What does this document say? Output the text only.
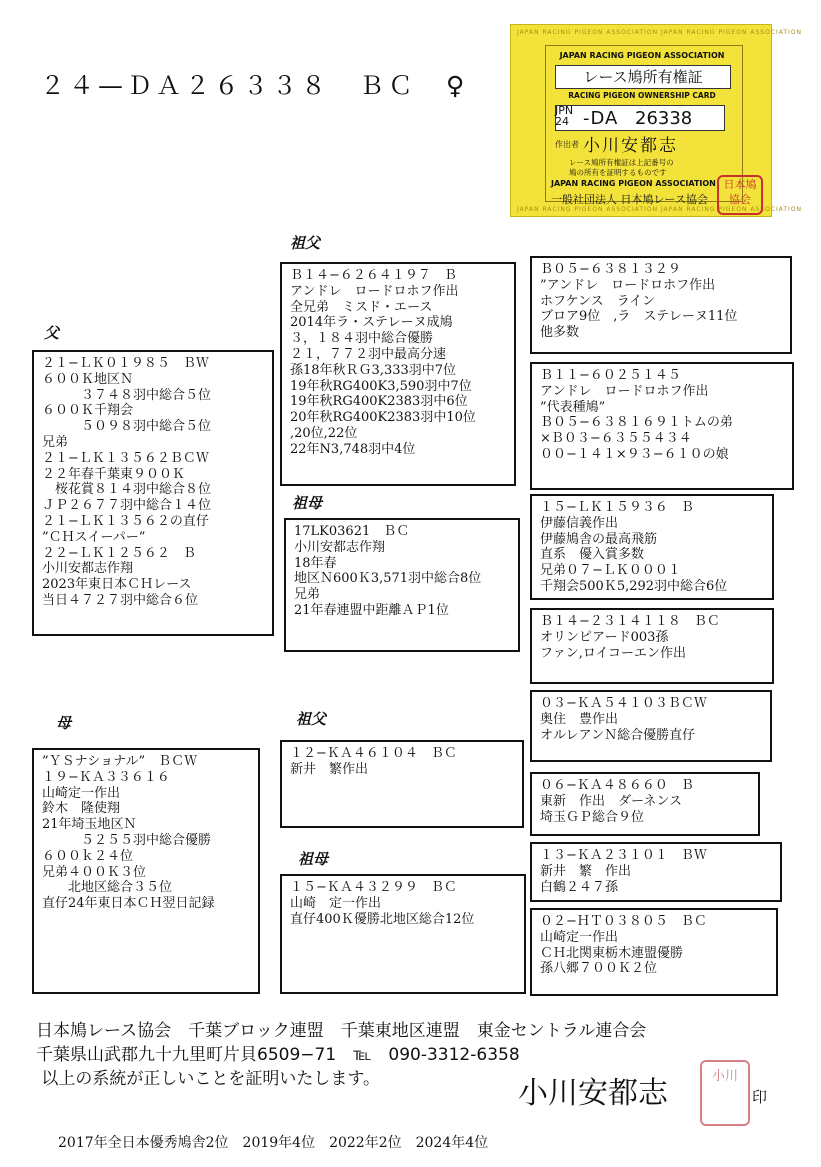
２４—ＤＡ２６３３８　ＢＣ　♀
JAPAN RACING PIGEON ASSOCIATION JAPAN RACING PIGEON ASSOCIATION
JAPAN RACING PIGEON ASSOCIATION JAPAN RACING PIGEON ASSOCIATION
JAPAN RACING PIGEON ASSOCIATION
レース鳩所有権証
RACING PIGEON OWNERSHIP CARD
JPN
24 -DA 26338
作出者 小川安都志
レース鳩所有権証は上記番号の
鳩の所有を証明するものです
JAPAN RACING PIGEON ASSOCIATION
一般社団法人 日本鳩レース協会
日本鳩協会
祖父
父
祖母
母	祖父
祖母
２１−ＬＫ０１９８５　ＢＷ
６００Ｋ地区Ｎ
　　　３７４８羽中総合５位
６００Ｋ千翔会
　　　５０９８羽中総合５位
兄弟
２１−ＬＫ１３５６２ＢＣＷ
２２年春千葉東９００Ｋ
　桜花賞８１４羽中総合８位
ＪＰ２６７７羽中総合１４位
２１−ＬＫ１３５６２の直仔
”ＣＨスイーパー”
２２−ＬＫ１２５６２　Ｂ
小川安都志作翔
2023年東日本ＣＨレース
当日４７２７羽中総合６位
Ｂ１４−６２６４１９７　Ｂ
アンドレ　ロードロホフ作出
全兄弟　ミスド・エース
2014年ラ・ステレーヌ成鳩
３，１８４羽中総合優勝
２１，７７２羽中最高分速
孫18年秋ＲＧ3,333羽中7位
19年秋RG400K3,590羽中7位
19年秋RG400K2383羽中6位
20年秋RG400K2383羽中10位
,20位,22位
22年N3,748羽中4位
17LK03621　ＢＣ
小川安都志作翔
18年春
地区Ｎ600Ｋ3,571羽中総合8位
兄弟
21年春連盟中距離ＡＰ1位
Ｂ０５−６３８１３２９
”アンドレ　ロードロホフ作出
ホフケンス　ライン
ブロア9位　,ラ　ステレーヌ11位
他多数
Ｂ１１−６０２５１４５
アンドレ　ロードロホフ作出
”代表種鳩”
Ｂ０５−６３８１６９１トムの弟
×Ｂ０３−６３５５４３４
００−１４１×９３−６１０の娘
１５−ＬＫ１５９３６　Ｂ
伊藤信義作出
伊藤鳩舎の最高飛筋
直系　優入賞多数
兄弟０７−ＬＫ０００１
千翔会500Ｋ5,292羽中総合6位
Ｂ１４−２３１４１１８　ＢＣ
オリンピアード003孫
ファン,ロイコーエン作出
”ＹＳナショナル”　ＢＣＷ
１９−ＫＡ３３６１６
山崎定一作出
鈴木　隆使翔
21年埼玉地区Ｎ
　　　５２５５羽中総合優勝
６００ｋ２４位
兄弟４００Ｋ３位
　　北地区総合３５位
直仔24年東日本ＣＨ翌日記録
１２−ＫＡ４６１０４　ＢＣ
新井　繁作出
１５−ＫＡ４３２９９　ＢＣ
山崎　定一作出
直仔400Ｋ優勝北地区総合12位
０３−ＫＡ５４１０３ＢＣＷ
奥住　豊作出
オルレアンＮ総合優勝直仔
０６−ＫＡ４８６６０　Ｂ
東新　作出　ダーネンス
埼玉ＧＰ総合９位
１３−ＫＡ２３１０１　ＢＷ
新井　繁　作出
白鶴２４７孫
０２−ＨＴ０３８０５　ＢＣ
山崎定一作出
ＣＨ北関東栃木連盟優勝
孫八郷７００Ｋ２位
日本鳩レース協会　千葉ブロック連盟　千葉東地区連盟　東金セントラル連合会
千葉県山武郡九十九里町片貝6509−71　℡　090-3312-6358
以上の系統が正しいことを証明いたします。	小川安都志	小川
印
2017年全日本優秀鳩舎2位　2019年4位　2022年2位　2024年4位
